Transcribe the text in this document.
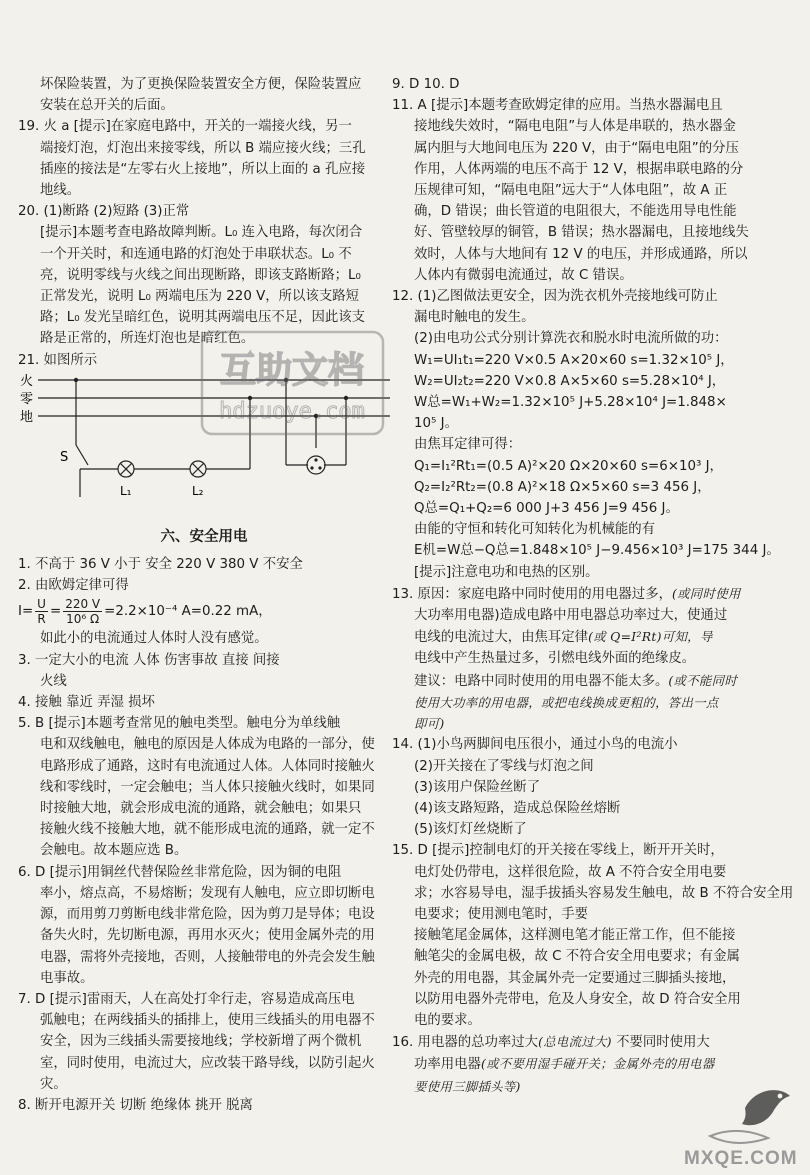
坏保险装置，为了更换保险装置安全方便，保险装置应

安装在总开关的后面。

19. 火 a [提示]在家庭电路中，开关的一端接火线，另一

端接灯泡，灯泡出来接零线，所以 B 端应接火线；三孔

插座的接法是“左零右火上接地”，所以上面的 a 孔应接

地线。

20. (1)断路 (2)短路 (3)正常

[提示]本题考查电路故障判断。L₀ 连入电路，每次闭合

一个开关时，和连通电路的灯泡处于串联状态。L₀ 不

亮，说明零线与火线之间出现断路，即该支路断路；L₀

正常发光，说明 L₀ 两端电压为 220 V，所以该支路短

路；L₀ 发光呈暗红色，说明其两端电压不足，因此该支

路是正常的，所连灯泡也是暗红色。

21. 如图所示

火
零
地
S
L₁	L₂

六、安全用电

1. 不高于 36 V 小于 安全 220 V 380 V 不安全

2. 由欧姆定律可得

$I= \frac{U}{R} = \frac{220 V}{\text{10⁶ Ω}} =2.2\times 10^{-4}$ A=0.22 mA，

如此小的电流通过人体时人没有感觉。

3. 一定大小的电流 人体 伤害事故 直接 间接

火线

4. 接触 靠近 弄湿 损坏

5. B [提示]本题考查常见的触电类型。触电分为单线触

电和双线触电，触电的原因是人体成为电路的一部分，使

电路形成了通路，这时有电流通过人体。人体同时接触火

线和零线时，一定会触电；当人体只接触火线时，如果同

时接触大地，就会形成电流的通路，就会触电；如果只

接触火线不接触大地，就不能形成电流的通路，就一定不

会触电。故本题应选 B。

6. D [提示]用铜丝代替保险丝非常危险，因为铜的电阻

率小，熔点高，不易熔断；发现有人触电，应立即切断电

源，而用剪刀剪断电线非常危险，因为剪刀是导体；电设

备失火时，先切断电源，再用水灭火；使用金属外壳的用

电器，需将外壳接地，否则，人接触带电的外壳会发生触

电事故。

7. D [提示]雷雨天，人在高处打伞行走，容易造成高压电

弧触电；在两线插头的插排上，使用三线插头的用电器不

安全，因为三线插头需要接地线；学校新增了两个微机

室，同时使用，电流过大，应改装干路导线，以防引起火灾。

8. 断开电源开关 切断 绝缘体 挑开 脱离

9. D 10. D

11. A [提示]本题考查欧姆定律的应用。当热水器漏电且

接地线失效时，“隔电电阻”与人体是串联的，热水器金

属内胆与大地间电压为 220 V，由于“隔电电阻”的分压

作用，人体两端的电压不高于 12 V，根据串联电路的分

压规律可知，“隔电电阻”远大于“人体电阻”，故 A 正

确，D 错误；曲长管道的电阻很大，不能选用导电性能

好、管壁较厚的铜管，B 错误；热水器漏电，且接地线失

效时，人体与大地间有 12 V 的电压，并形成通路，所以

人体内有微弱电流通过，故 C 错误。

12. (1)乙图做法更安全，因为洗衣机外壳接地线可防止

漏电时触电的发生。

(2)由电功公式分别计算洗衣和脱水时电流所做的功：

W₁=UI₁t₁=220 V×0.5 A×20×60 s=1.32×10⁵ J，

W₂=UI₂t₂=220 V×0.8 A×5×60 s=5.28×10⁴ J，

W总=W₁+W₂=1.32×10⁵ J+5.28×10⁴ J=1.848×

10⁵ J。

由焦耳定律可得：

Q₁=I₁²Rt₁=(0.5 A)²×20 Ω×20×60 s=6×10³ J，

Q₂=I₂²Rt₂=(0.8 A)²×18 Ω×5×60 s=3 456 J，

Q总=Q₁+Q₂=6 000 J+3 456 J=9 456 J。

由能的守恒和转化可知转化为机械能的有

E机=W总−Q总=1.848×10⁵ J−9.456×10³ J=175 344 J。

[提示]注意电功和电热的区别。

13. 原因：家庭电路中同时使用的用电器过多，(或同时使用

大功率用电器)造成电路中用电器总功率过大，使通过

电线的电流过大，由焦耳定律(或 Q=I²Rt)可知，导

电线中产生热量过多，引燃电线外面的绝缘皮。

建议：电路中同时使用的用电器不能太多。(或不能同时

使用大功率的用电器，或把电线换成更粗的，答出一点

即可)

14. (1)小鸟两脚间电压很小，通过小鸟的电流小

(2)开关接在了零线与灯泡之间

(3)该用户保险丝断了

(4)该支路短路，造成总保险丝熔断

(5)该灯灯丝烧断了

15. D [提示]控制电灯的开关接在零线上，断开开关时，

电灯处仍带电，这样很危险，故 A 不符合安全用电要

求；水容易导电，湿手拔插头容易发生触电，故 B 不符合安全用电要求；使用测电笔时，手要

接触笔尾金属体，这样测电笔才能正常工作，但不能接

触笔尖的金属电极，故 C 不符合安全用电要求；有金属

外壳的用电器，其金属外壳一定要通过三脚插头接地，

以防用电器外壳带电，危及人身安全，故 D 符合安全用

电的要求。

16. 用电器的总功率过大(总电流过大) 不要同时使用大

功率用电器(或不要用湿手碰开关；金属外壳的用电器

要使用三脚插头等)

互助文档
hdzuoye.com
MXQE.COM
